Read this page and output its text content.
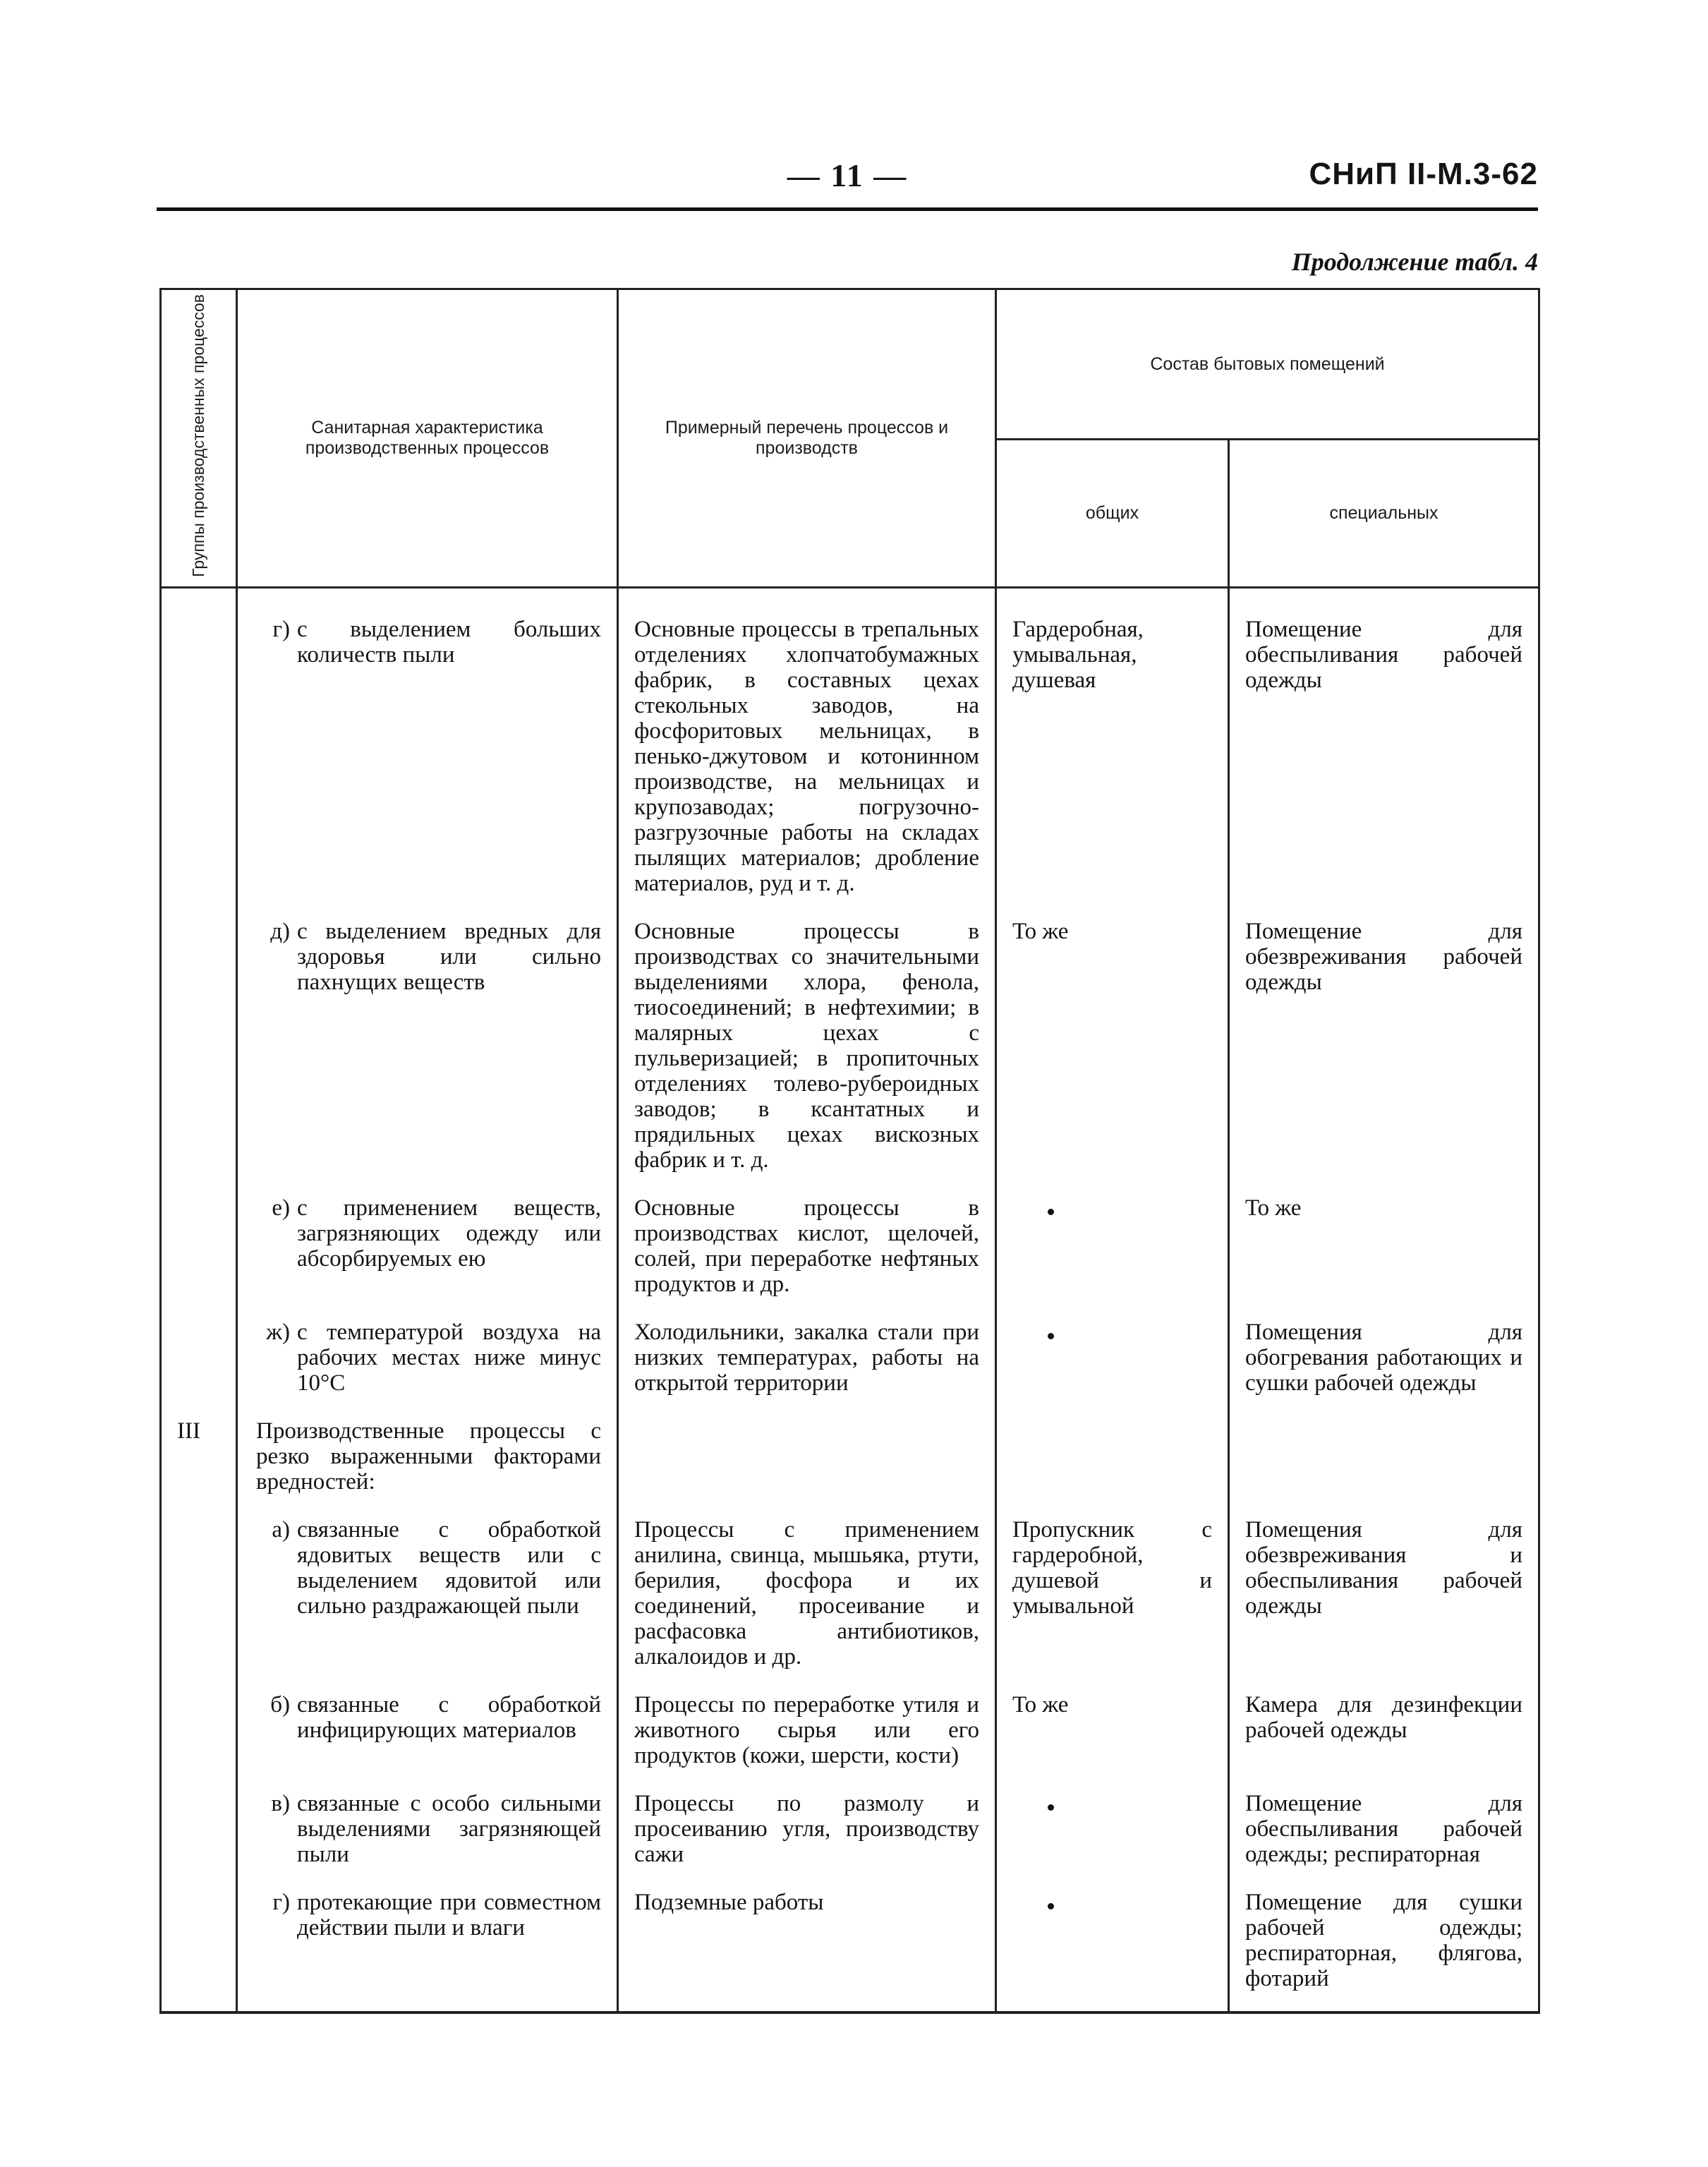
— 11 —	СНиП II-М.3-62
Продолжение табл. 4
Группы производственных процессов	Санитарная характеристика производственных процессов	Примерный перечень процессов и производств	Состав бытовых помещений	
			общих	специальных

	г) с выделением больших количеств пыли	Основные процессы в трепальных отделениях хлопчатобумажных фабрик, в составных цехах стекольных заводов, на фосфоритовых мельницах, в пенько-джутовом и котонинном производстве, на мельницах и крупозаводах; погрузочно-разгрузочные работы на складах пылящих материалов; дробление материалов, руд и т. д.	Гардеробная, умывальная, душевая	Помещение для обеспыливания рабочей одежды

	д) с выделением вредных для здоровья или сильно пахнущих веществ	Основные процессы в производствах со значительными выделениями хлора, фенола, тиосоединений; в нефтехимии; в малярных цехах с пульверизацией; в пропиточных отделениях толево-рубероидных заводов; в ксантатных и прядильных цехах вискозных фабрик и т. д.	То же	Помещение для обезвреживания рабочей одежды

	е) с применением веществ, загрязняющих одежду или абсорбируемых ею	Основные процессы в производствах кислот, щелочей, солей, при переработке нефтяных продуктов и др.		То же

	ж) с температурой воздуха на рабочих местах ниже минус 10°С	Холодильники, закалка стали при низких температурах, работы на открытой территории		Помещения для обогревания работающих и сушки рабочей одежды
III	Производственные процессы с резко выраженными факторами вредностей:			

	а) связанные с обработкой ядовитых веществ или с выделением ядовитой или сильно раздражающей пыли	Процессы с применением анилина, свинца, мышьяка, ртути, берилия, фосфора и их соединений, просеивание и расфасовка антибиотиков, алкалоидов и др.	Пропускник с гардеробной, душевой и умывальной	Помещения для обезвреживания и обеспыливания рабочей одежды

	б) связанные с обработкой инфицирующих материалов	Процессы по переработке утиля и животного сырья или его продуктов (кожи, шерсти, кости)	То же	Камера для дезинфекции рабочей одежды

	в) связанные с особо сильными выделениями загрязняющей пыли	Процессы по размолу и просеиванию угля, производству сажи		Помещение для обеспыливания рабочей одежды; респираторная

	г) протекающие при совместном действии пыли и влаги	Подземные работы		Помещение для сушки рабочей одежды; респираторная, флягова, фотарий
